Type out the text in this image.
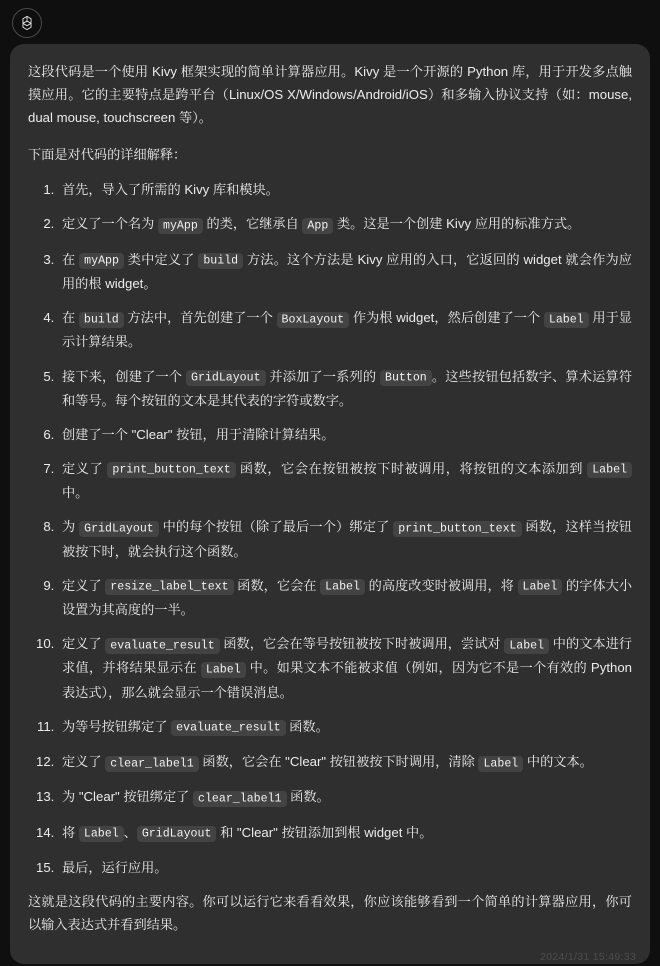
这段代码是一个使用 Kivy 框架实现的简单计算器应用。Kivy 是一个开源的 Python 库，用于开发多点触摸应用。它的主要特点是跨平台（Linux/OS X/Windows/Android/iOS）和多输入协议支持（如：mouse, dual mouse, touchscreen 等）。

下面是对代码的详细解释：

1. 首先，导入了所需的 Kivy 库和模块。
2. 定义了一个名为 myApp 的类，它继承自 App 类。这是一个创建 Kivy 应用的标准方式。
3. 在 myApp 类中定义了 build 方法。这个方法是 Kivy 应用的入口，它返回的 widget 就会作为应用的根 widget。
4. 在 build 方法中，首先创建了一个 BoxLayout 作为根 widget，然后创建了一个 Label 用于显示计算结果。
5. 接下来，创建了一个 GridLayout 并添加了一系列的 Button 。这些按钮包括数字、算术运算符和等号。每个按钮的文本是其代表的字符或数字。
6. 创建了一个 "Clear" 按钮，用于清除计算结果。
7. 定义了 print_button_text 函数，它会在按钮被按下时被调用，将按钮的文本添加到 Label 中。
8. 为 GridLayout 中的每个按钮（除了最后一个）绑定了 print_button_text 函数，这样当按钮被按下时，就会执行这个函数。
9. 定义了 resize_label_text 函数，它会在 Label 的高度改变时被调用，将 Label 的字体大小设置为其高度的一半。
10. 定义了 evaluate_result 函数，它会在等号按钮被按下时被调用，尝试对 Label 中的文本进行求值，并将结果显示在 Label 中。如果文本不能被求值（例如，因为它不是一个有效的 Python 表达式），那么就会显示一个错误消息。
11. 为等号按钮绑定了 evaluate_result 函数。
12. 定义了 clear_label1 函数，它会在 "Clear" 按钮被按下时调用，清除 Label 中的文本。
13. 为 "Clear" 按钮绑定了 clear_label1 函数。
14. 将 Label 、 GridLayout 和 "Clear" 按钮添加到根 widget 中。
15. 最后，运行应用。

这就是这段代码的主要内容。你可以运行它来看看效果，你应该能够看到一个简单的计算器应用，你可以输入表达式并看到结果。

2024/1/31 15:49:33
